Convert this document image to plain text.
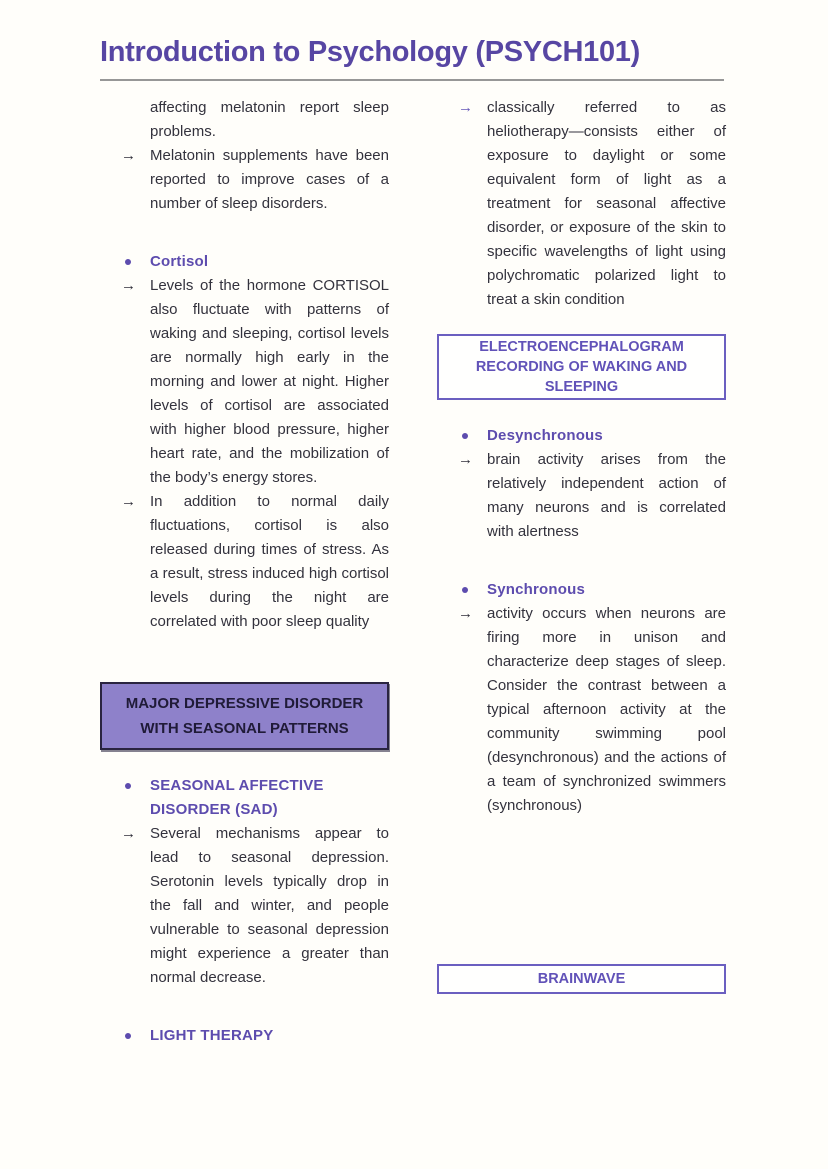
Introduction to Psychology (PSYCH101)
affecting melatonin report sleep problems.
→ Melatonin supplements have been reported to improve cases of a number of sleep disorders.
Cortisol
→ Levels of the hormone CORTISOL also fluctuate with patterns of waking and sleeping, cortisol levels are normally high early in the morning and lower at night. Higher levels of cortisol are associated with higher blood pressure, higher heart rate, and the mobilization of the body’s energy stores.
→ In addition to normal daily fluctuations, cortisol is also released during times of stress. As a result, stress induced high cortisol levels during the night are correlated with poor sleep quality
MAJOR DEPRESSIVE DISORDER WITH SEASONAL PATTERNS
SEASONAL AFFECTIVE DISORDER (SAD)
→ Several mechanisms appear to lead to seasonal depression. Serotonin levels typically drop in the fall and winter, and people vulnerable to seasonal depression might experience a greater than normal decrease.
LIGHT THERAPY
→ classically referred to as heliotherapy—consists either of exposure to daylight or some equivalent form of light as a treatment for seasonal affective disorder, or exposure of the skin to specific wavelengths of light using polychromatic polarized light to treat a skin condition
ELECTROENCEPHALOGRAM RECORDING OF WAKING AND SLEEPING
Desynchronous
→ brain activity arises from the relatively independent action of many neurons and is correlated with alertness
Synchronous
→ activity occurs when neurons are firing more in unison and characterize deep stages of sleep. Consider the contrast between a typical afternoon activity at the community swimming pool (desynchronous) and the actions of a team of synchronized swimmers (synchronous)
BRAINWAVE
